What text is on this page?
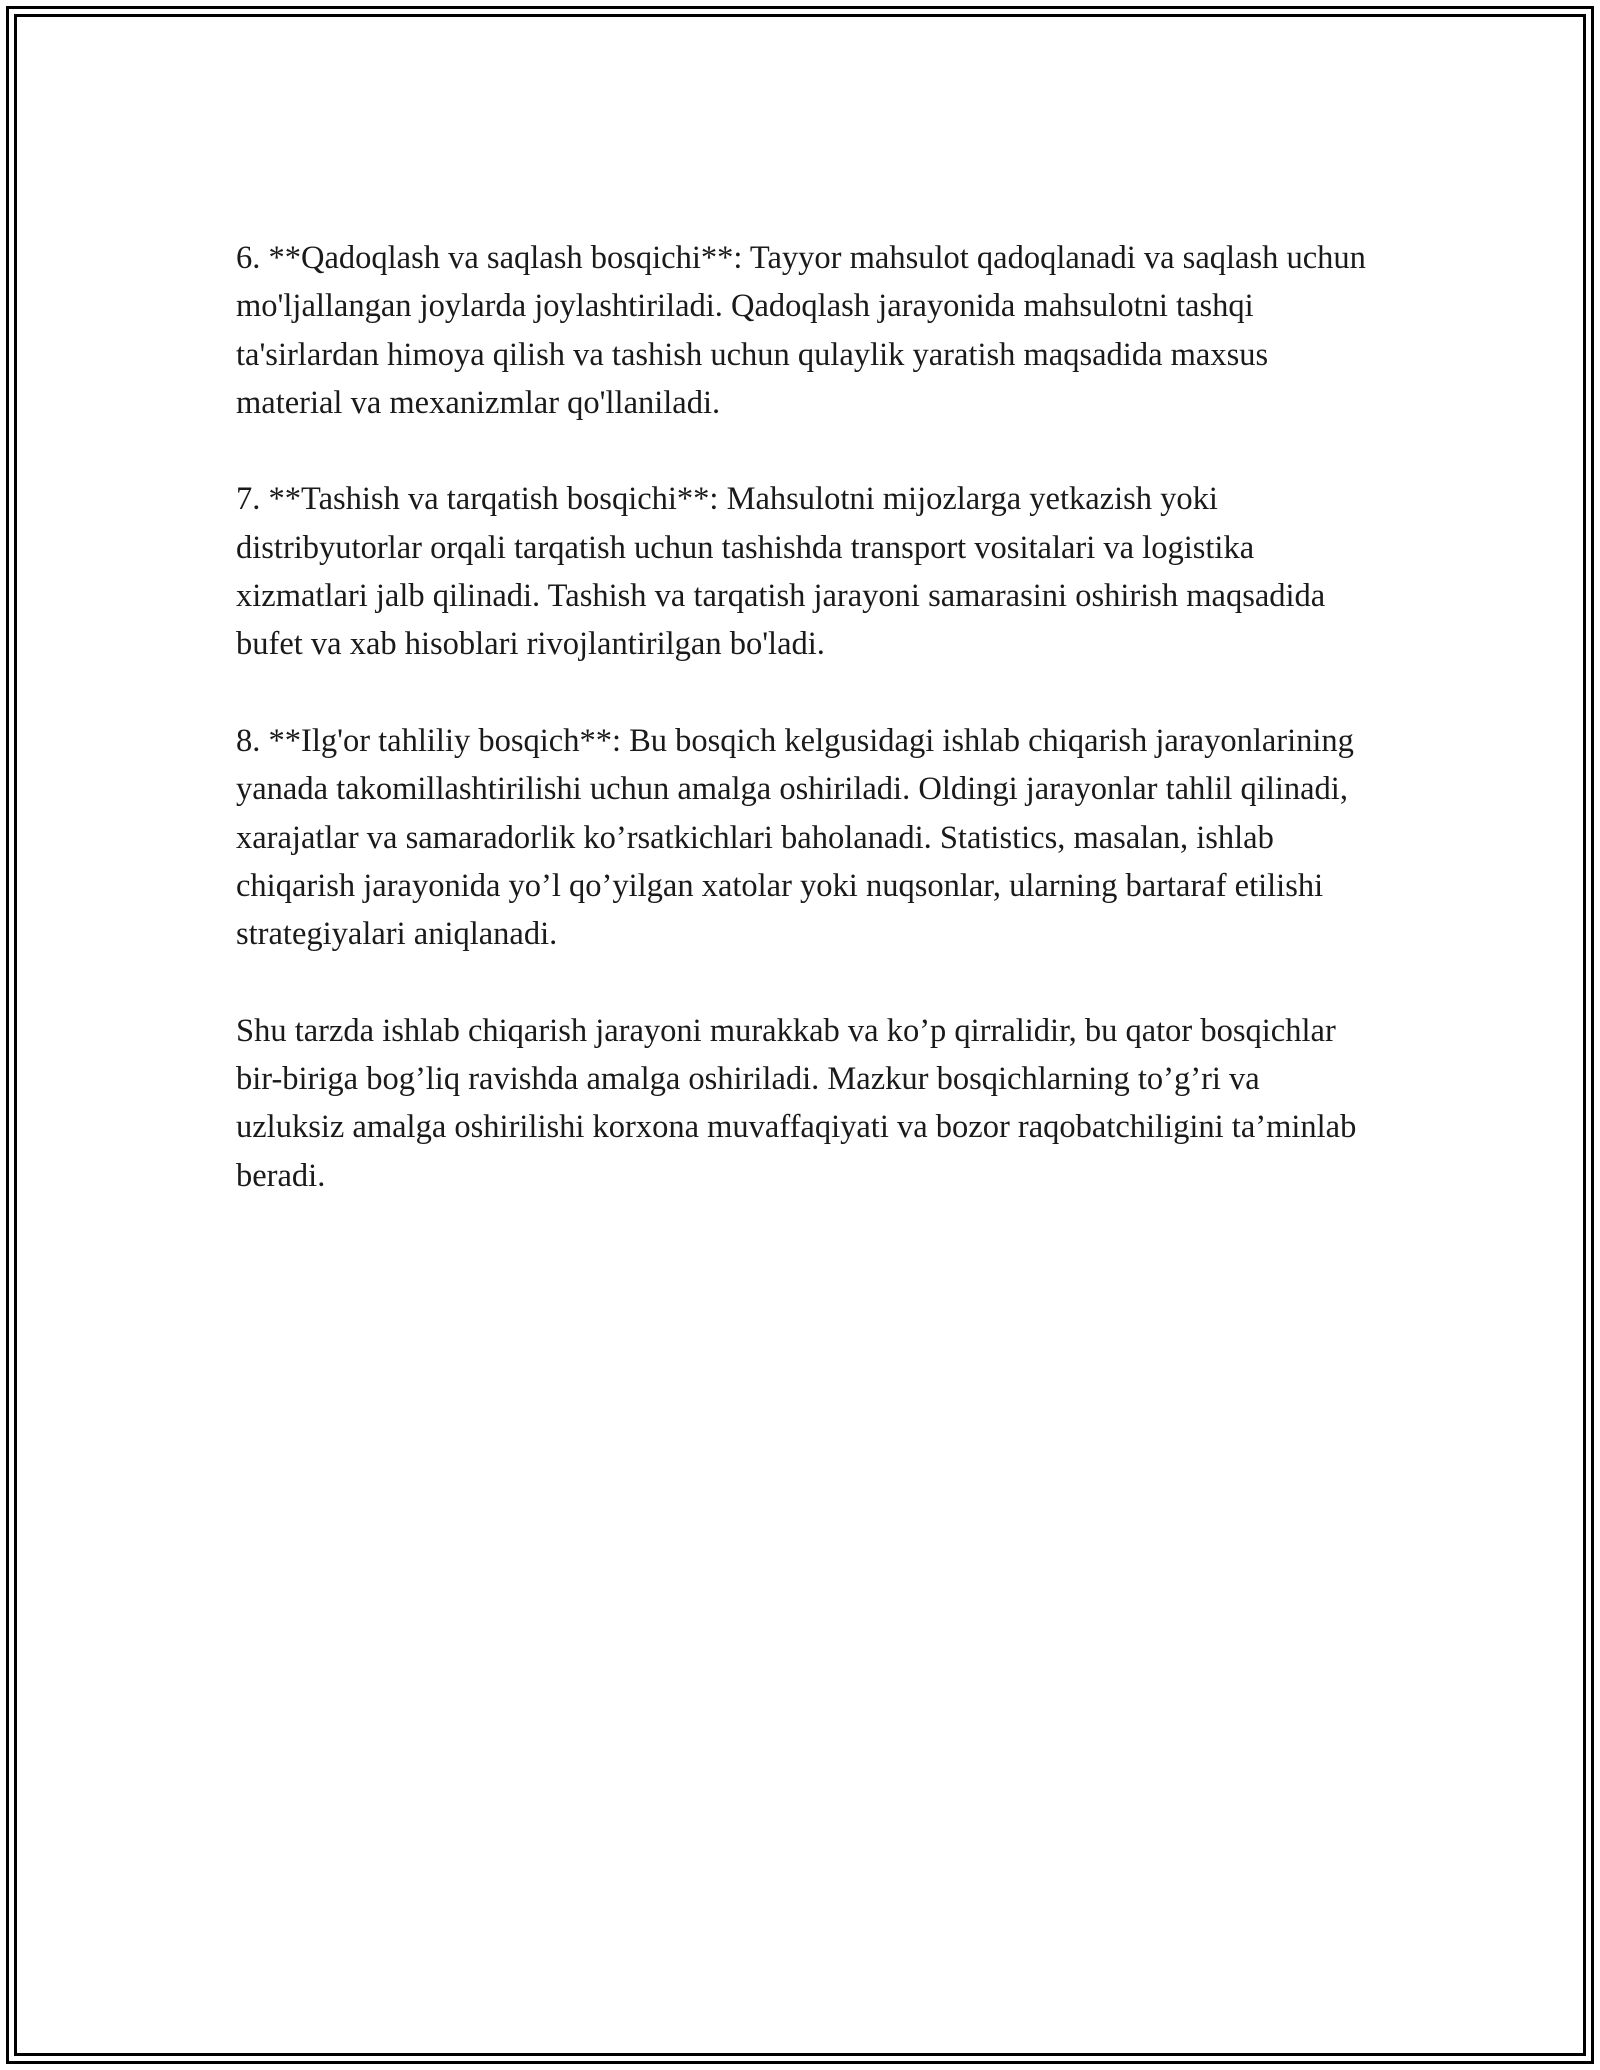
6. **Qadoqlash va saqlash bosqichi**: Tayyor mahsulot qadoqlanadi va saqlash uchun mo'ljallangan joylarda joylashtiriladi. Qadoqlash jarayonida mahsulotni tashqi ta'sirlardan himoya qilish va tashish uchun qulaylik yaratish maqsadida maxsus material va mexanizmlar qo'llaniladi.

7. **Tashish va tarqatish bosqichi**: Mahsulotni mijozlarga yetkazish yoki distribyutorlar orqali tarqatish uchun tashishda transport vositalari va logistika xizmatlari jalb qilinadi. Tashish va tarqatish jarayoni samarasini oshirish maqsadida bufet va xab hisoblari rivojlantirilgan bo'ladi.

8. **Ilg'or tahliliy bosqich**: Bu bosqich kelgusidagi ishlab chiqarish jarayonlarining yanada takomillashtirilishi uchun amalga oshiriladi. Oldingi jarayonlar tahlil qilinadi, xarajatlar va samaradorlik ko’rsatkichlari baholanadi. Statistics, masalan, ishlab chiqarish jarayonida yo’l qo’yilgan xatolar yoki nuqsonlar, ularning bartaraf etilishi strategiyalari aniqlanadi.

Shu tarzda ishlab chiqarish jarayoni murakkab va ko’p qirralidir, bu qator bosqichlar bir-biriga bog’liq ravishda amalga oshiriladi. Mazkur bosqichlarning to’g’ri va uzluksiz amalga oshirilishi korxona muvaffaqiyati va bozor raqobatchiligini ta’minlab beradi.
